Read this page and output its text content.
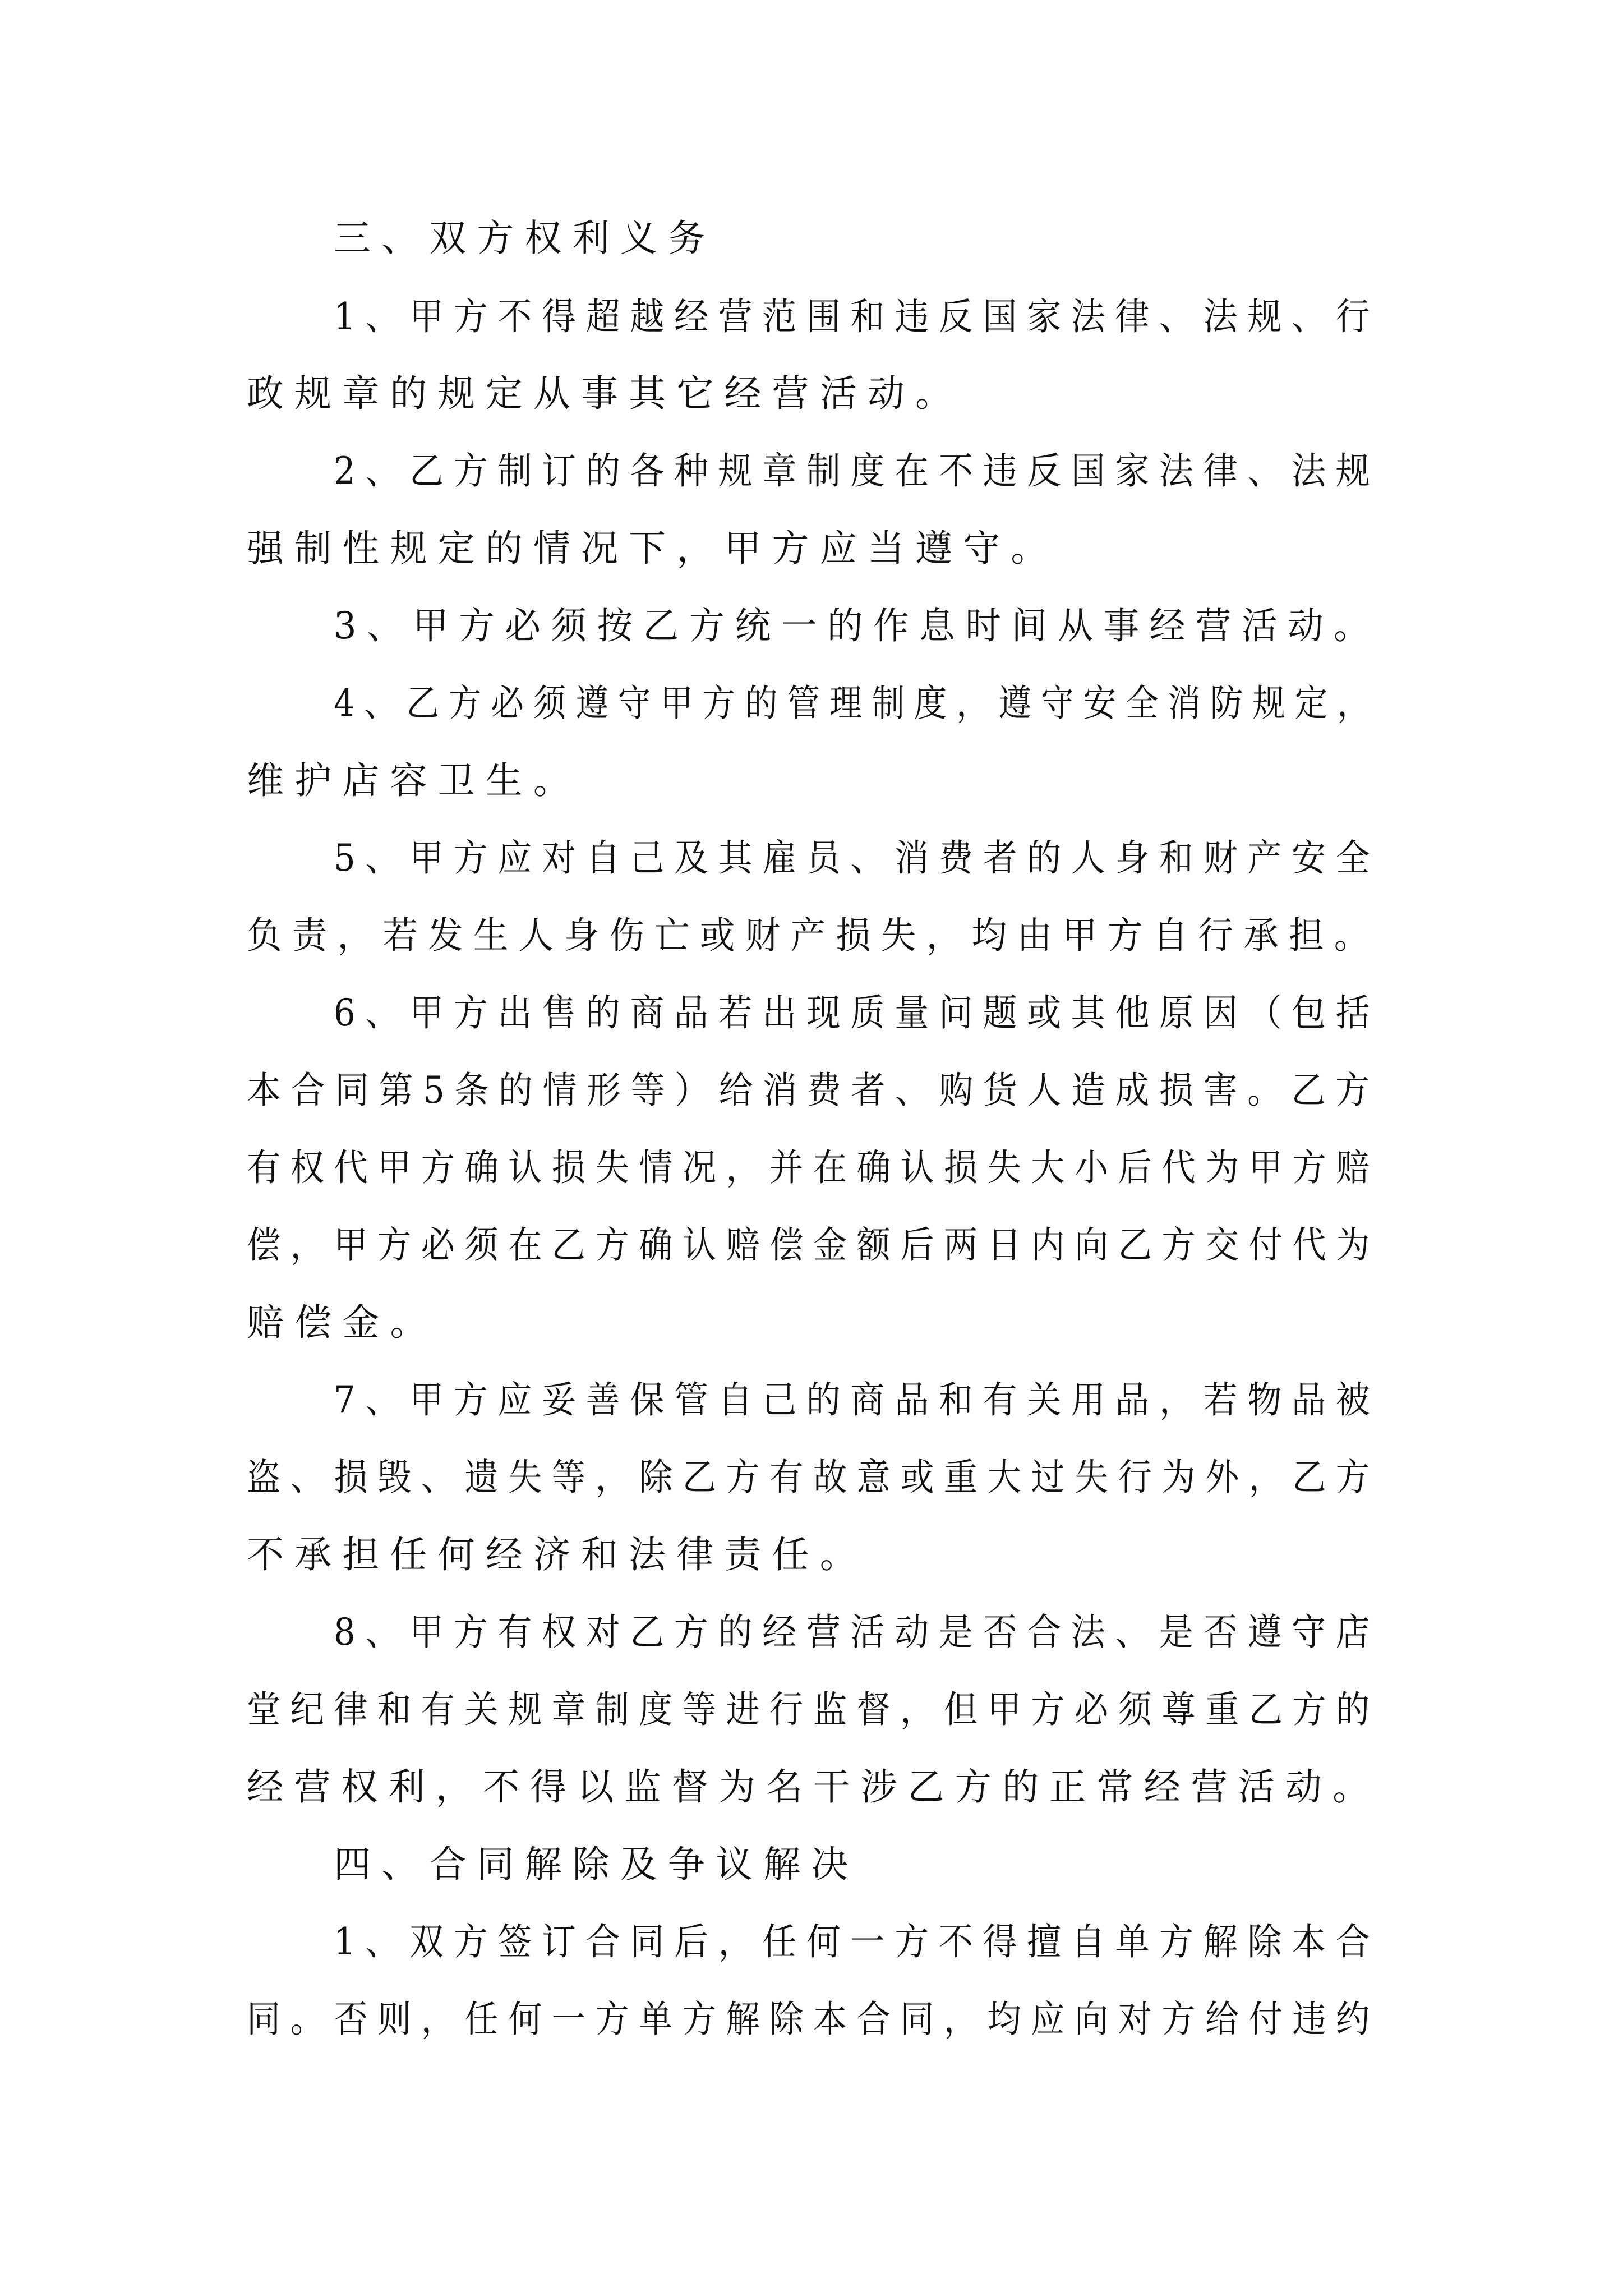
三、双方权利义务

1、甲方不得超越经营范围和违反国家法律、法规、行

政规章的规定从事其它经营活动。

2、乙方制订的各种规章制度在不违反国家法律、法规

强制性规定的情况下，甲方应当遵守。

3、甲方必须按乙方统一的作息时间从事经营活动。

4、乙方必须遵守甲方的管理制度，遵守安全消防规定，

维护店容卫生。

5、甲方应对自己及其雇员、消费者的人身和财产安全

负责，若发生人身伤亡或财产损失，均由甲方自行承担。

6、甲方出售的商品若出现质量问题或其他原因（包括

本合同第5条的情形等）给消费者、购货人造成损害。乙方

有权代甲方确认损失情况，并在确认损失大小后代为甲方赔

偿，甲方必须在乙方确认赔偿金额后两日内向乙方交付代为

赔偿金。

7、甲方应妥善保管自己的商品和有关用品，若物品被

盗、损毁、遗失等，除乙方有故意或重大过失行为外，乙方

不承担任何经济和法律责任。

8、甲方有权对乙方的经营活动是否合法、是否遵守店

堂纪律和有关规章制度等进行监督，但甲方必须尊重乙方的

经营权利，不得以监督为名干涉乙方的正常经营活动。

四、合同解除及争议解决

1、双方签订合同后，任何一方不得擅自单方解除本合

同。否则，任何一方单方解除本合同，均应向对方给付违约
